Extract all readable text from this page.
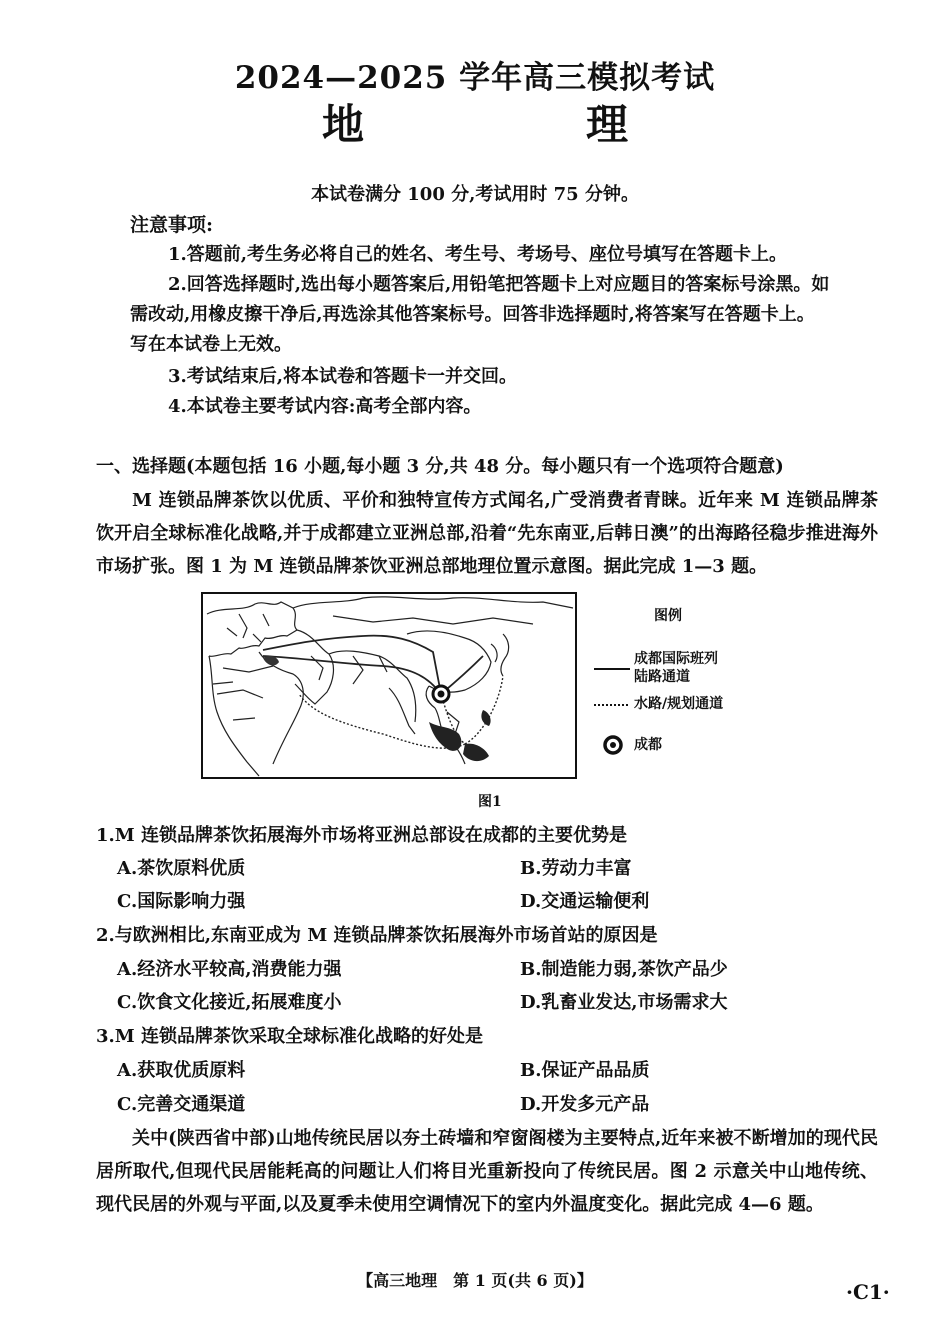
2024—2025 学年高三模拟考试
地　理
本试卷满分 100 分,考试用时 75 分钟。
注意事项:
1.答题前,考生务必将自己的姓名、考生号、考场号、座位号填写在答题卡上。
2.回答选择题时,选出每小题答案后,用铅笔把答题卡上对应题目的答案标号涂黑。如需改动,用橡皮擦干净后,再选涂其他答案标号。回答非选择题时,将答案写在答题卡上。写在本试卷上无效。
3.考试结束后,将本试卷和答题卡一并交回。
4.本试卷主要考试内容:高考全部内容。
一、选择题(本题包括 16 小题,每小题 3 分,共 48 分。每小题只有一个选项符合题意)
M 连锁品牌茶饮以优质、平价和独特宣传方式闻名,广受消费者青睐。近年来 M 连锁品牌茶饮开启全球标准化战略,并于成都建立亚洲总部,沿着“先东南亚,后韩日澳”的出海路径稳步推进海外市场扩张。图 1 为 M 连锁品牌茶饮亚洲总部地理位置示意图。据此完成 1—3 题。
图例
成都国际班列
陆路通道
水路/规划通道
成都
图1
1.M 连锁品牌茶饮拓展海外市场将亚洲总部设在成都的主要优势是
A.茶饮原料优质	B.劳动力丰富
C.国际影响力强	D.交通运输便利
2.与欧洲相比,东南亚成为 M 连锁品牌茶饮拓展海外市场首站的原因是
A.经济水平较高,消费能力强	B.制造能力弱,茶饮产品少
C.饮食文化接近,拓展难度小	D.乳畜业发达,市场需求大
3.M 连锁品牌茶饮采取全球标准化战略的好处是
A.获取优质原料	B.保证产品品质
C.完善交通渠道	D.开发多元产品
关中(陕西省中部)山地传统民居以夯土砖墙和窄窗阁楼为主要特点,近年来被不断增加的现代民居所取代,但现代民居能耗高的问题让人们将目光重新投向了传统民居。图 2 示意关中山地传统、现代民居的外观与平面,以及夏季未使用空调情况下的室内外温度变化。据此完成 4—6 题。
【高三地理　第 1 页(共 6 页)】	·C1·
